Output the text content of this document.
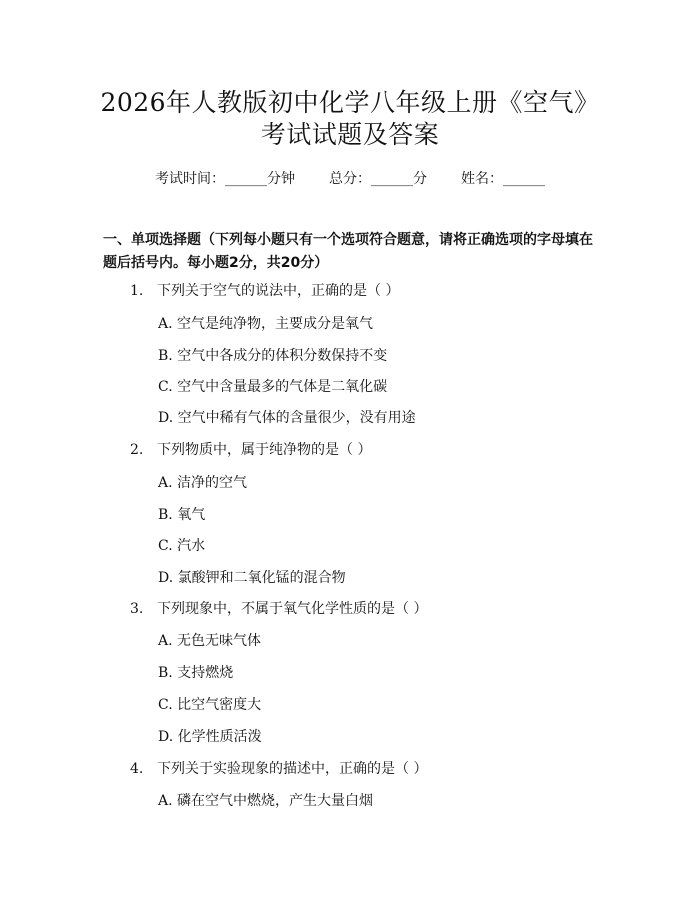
2026年人教版初中化学八年级上册《空气》
考试试题及答案
考试时间：______分钟 总分：______分 姓名：______
一、单项选择题（下列每小题只有一个选项符合题意，请将正确选项的字母填在题后括号内。每小题2分，共20分）
1. 下列关于空气的说法中，正确的是（ ）
A. 空气是纯净物，主要成分是氧气
B. 空气中各成分的体积分数保持不变
C. 空气中含量最多的气体是二氧化碳
D. 空气中稀有气体的含量很少，没有用途
2. 下列物质中，属于纯净物的是（ ）
A. 洁净的空气
B. 氧气
C. 汽水
D. 氯酸钾和二氧化锰的混合物
3. 下列现象中，不属于氧气化学性质的是（ ）
A. 无色无味气体
B. 支持燃烧
C. 比空气密度大
D. 化学性质活泼
4. 下列关于实验现象的描述中，正确的是（ ）
A. 磷在空气中燃烧，产生大量白烟
